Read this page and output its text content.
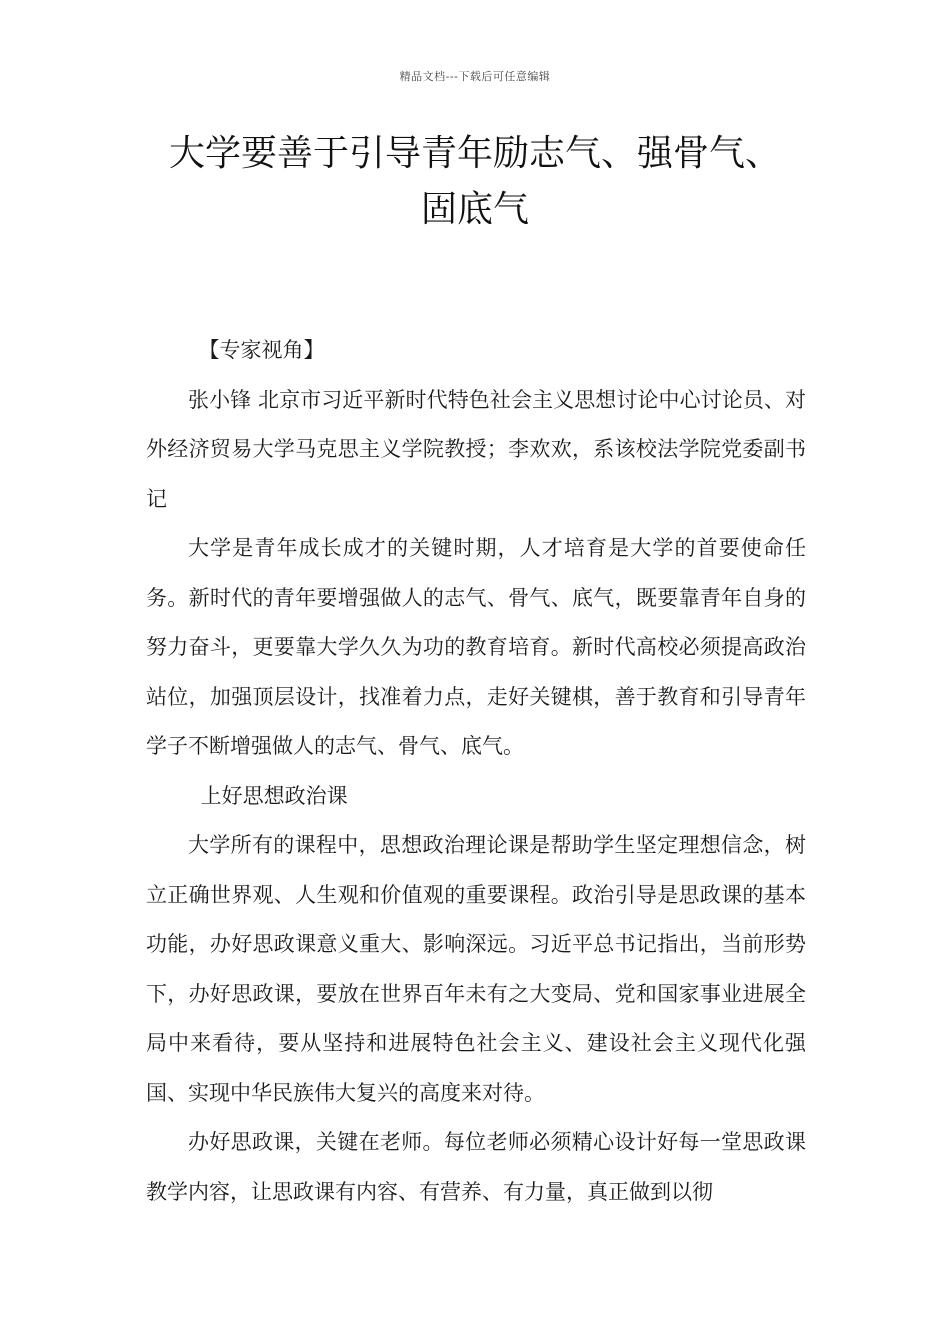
精品文档---下载后可任意编辑
大学要善于引导青年励志气、强骨气、
固底气

【专家视角】

张小锋 北京市习近平新时代特色社会主义思想讨论中心讨论员、对外经济贸易大学马克思主义学院教授；李欢欢，系该校法学院党委副书记

大学是青年成长成才的关键时期，人才培育是大学的首要使命任务。新时代的青年要增强做人的志气、骨气、底气，既要靠青年自身的努力奋斗，更要靠大学久久为功的教育培育。新时代高校必须提高政治站位，加强顶层设计，找准着力点，走好关键棋，善于教育和引导青年学子不断增强做人的志气、骨气、底气。

上好思想政治课

大学所有的课程中，思想政治理论课是帮助学生坚定理想信念，树立正确世界观、人生观和价值观的重要课程。政治引导是思政课的基本功能，办好思政课意义重大、影响深远。习近平总书记指出，当前形势下，办好思政课，要放在世界百年未有之大变局、党和国家事业进展全局中来看待，要从坚持和进展特色社会主义、建设社会主义现代化强国、实现中华民族伟大复兴的高度来对待。

办好思政课，关键在老师。每位老师必须精心设计好每一堂思政课教学内容，让思政课有内容、有营养、有力量，真正做到以彻
